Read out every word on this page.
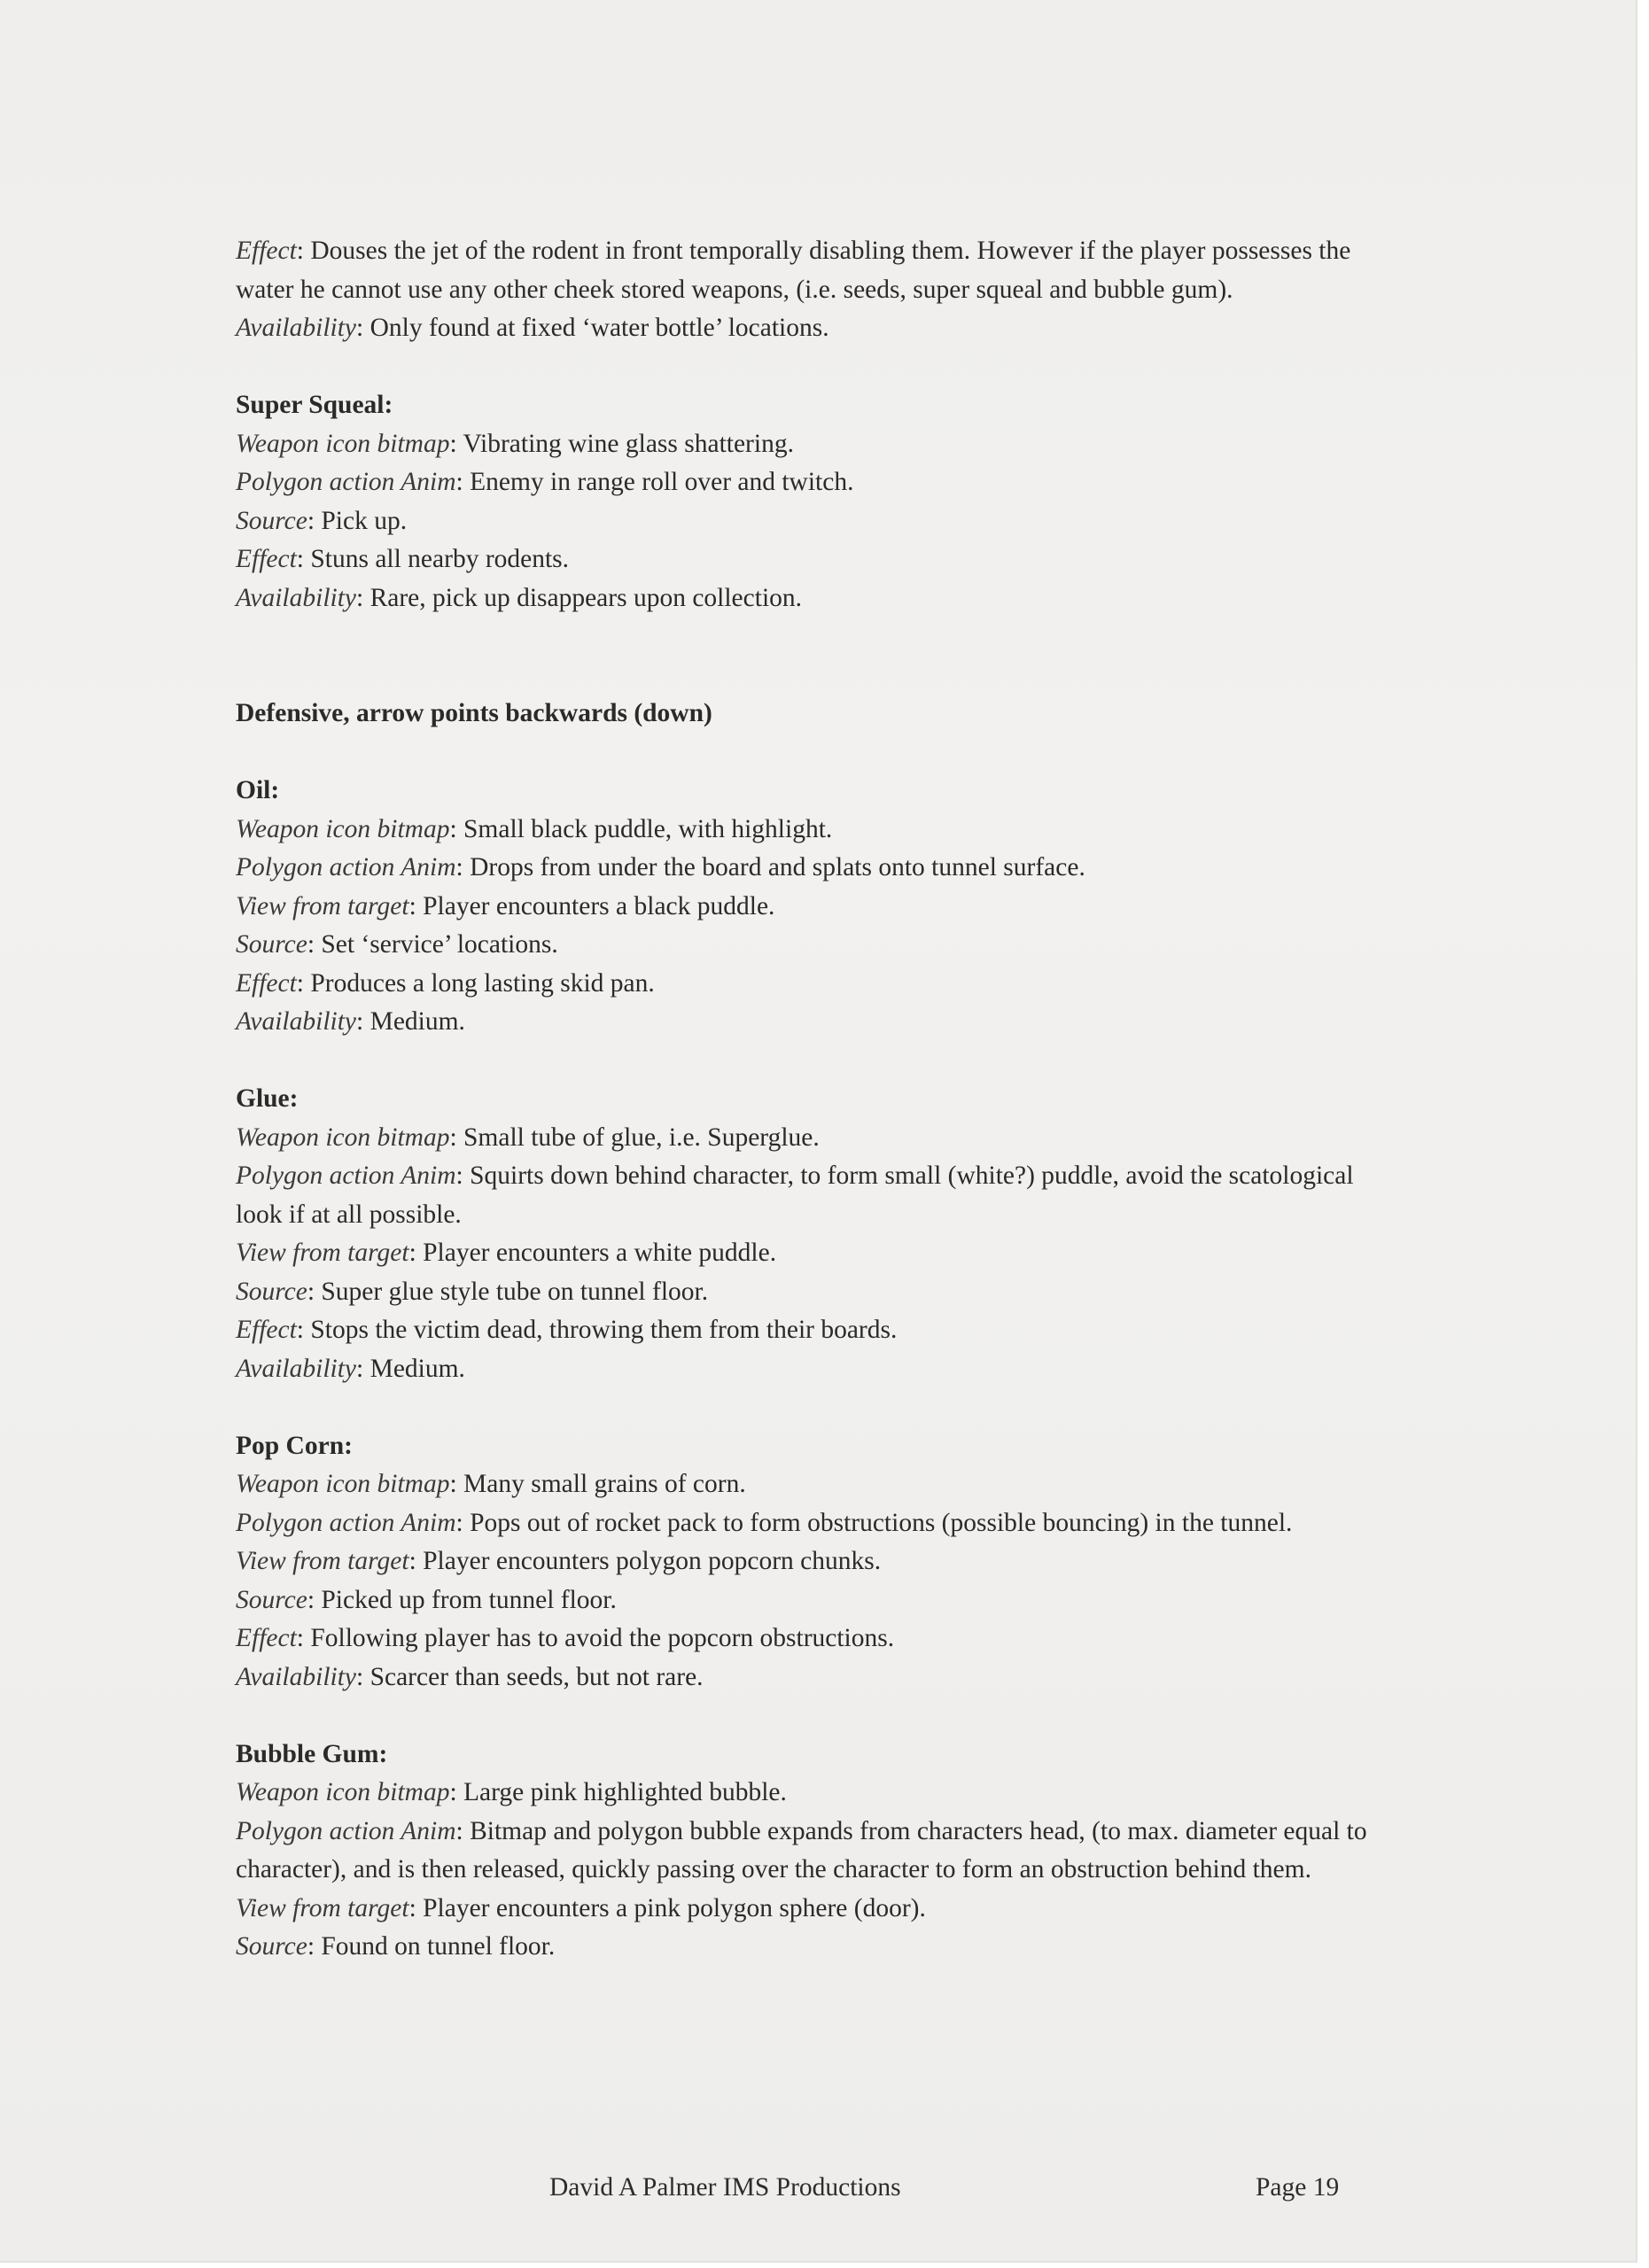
Effect: Douses the jet of the rodent in front temporally disabling them. However if the player possesses the water he cannot use any other cheek stored weapons, (i.e. seeds, super squeal and bubble gum).

Availability: Only found at fixed ‘water bottle’ locations.

Super Squeal:

Weapon icon bitmap: Vibrating wine glass shattering.

Polygon action Anim: Enemy in range roll over and twitch.

Source: Pick up.

Effect: Stuns all nearby rodents.

Availability: Rare, pick up disappears upon collection.

Defensive, arrow points backwards (down)

Oil:

Weapon icon bitmap: Small black puddle, with highlight.

Polygon action Anim: Drops from under the board and splats onto tunnel surface.

View from target: Player encounters a black puddle.

Source: Set ‘service’ locations.

Effect: Produces a long lasting skid pan.

Availability: Medium.

Glue:

Weapon icon bitmap: Small tube of glue, i.e. Superglue.

Polygon action Anim: Squirts down behind character, to form small (white?) puddle, avoid the scatological look if at all possible.

View from target: Player encounters a white puddle.

Source: Super glue style tube on tunnel floor.

Effect: Stops the victim dead, throwing them from their boards.

Availability: Medium.

Pop Corn:

Weapon icon bitmap: Many small grains of corn.

Polygon action Anim: Pops out of rocket pack to form obstructions (possible bouncing) in the tunnel.

View from target: Player encounters polygon popcorn chunks.

Source: Picked up from tunnel floor.

Effect: Following player has to avoid the popcorn obstructions.

Availability: Scarcer than seeds, but not rare.

Bubble Gum:

Weapon icon bitmap: Large pink highlighted bubble.

Polygon action Anim: Bitmap and polygon bubble expands from characters head, (to max. diameter equal to character), and is then released, quickly passing over the character to form an obstruction behind them.

View from target: Player encounters a pink polygon sphere (door).

Source: Found on tunnel floor.

David A Palmer IMS Productions	Page 19
